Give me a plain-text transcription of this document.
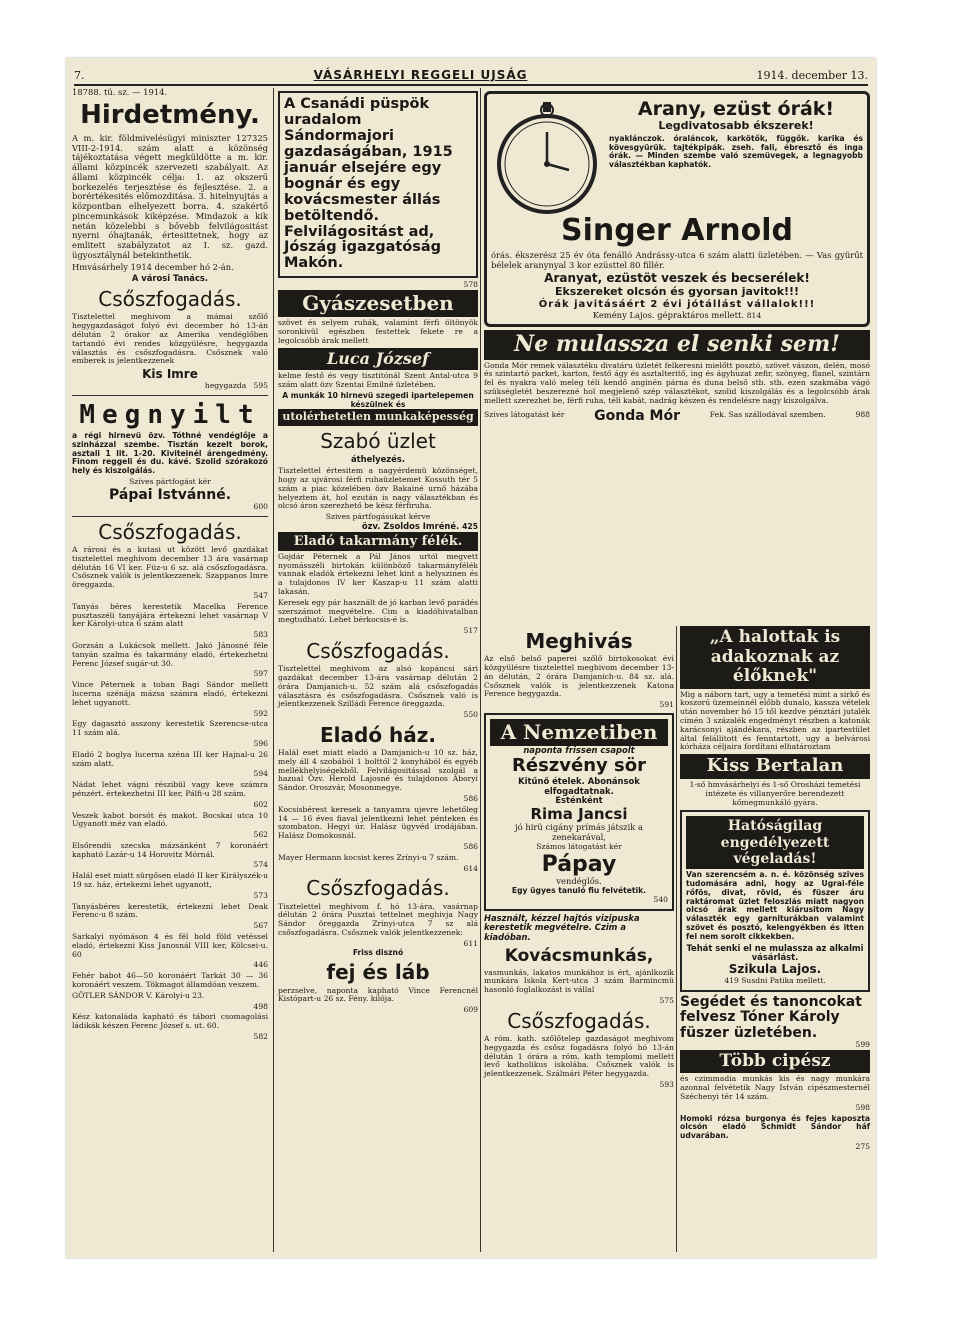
7.	VÁSÁRHELYI REGGELI UJSÁG	1914. december 13.
18788. tü. sz. — 1914.
Hirdetmény.

A m. kir. földmivelésügyi miniszter 127325 VIII-2-1914. szám alatt a közönség tájékoztatása végett megküldötte a m. kir. állami közpincék szervezeti szabályait. Az állami közpincék célja: 1. az okszerű borkezelés terjesztése és fejlesztése. 2. a borértékesités előmozditása. 3. hitelnyujtás a központban elhelyezett borra. 4. szakértő pincemunkások kiképzése. Mindazok a kik netán közelebbi s bővebb felvilágositást nyerni óhajtanák, értesittetnek, hogy az emlitett szabályzatot az I. sz. gazd. ügyosztálynál betekinthetik.

Hmvásárhely 1914 december hó 2-án.

A városi Tanács.
Csőszfogadás.

Tisztelettel meghivom a mámai szőlő hegygazdaságot folyó évi december hó 13-án délután 2 órakor az Amerika vendéglőben tartandó évi rendes közgyülésre, hegygazda választás és csőszfogadásra. Csősznek való emberek is jelentkezzenek

Kis Imre
hegygazda 595
Megnyilt

a régi hirnevü özv. Tóthné vendéglője a szinházzal szembe. Tisztán kezelt borok, asztali 1 lit. 1-20. Kiviteinél árengedmény. Finom reggeli és du. kávé. Szolid szórakozó hely és kiszolgálás.

Szíves pártfogást kér
Pápai Istvánné.
600
Csőszfogadás.

A rárosi és a kutasi ut között levő gazdákat tisztelettel meghivom december 13 ára vasárnap délután 16 VI ker. Füz-u 6 sz. alá csőszfogadásra. Csősznek valók is jelentkezzenek. Szappanos Imre öreggazda.

547

Tanyás béres kerestetik Macelka Ference pusztaszéli tanyájára értekezni lehet vasárnap V ker Károlyi-utca 6 szám alatt

583

Gorzsán a Lukácsok mellett. Jakó Jánosné féle tanyán szalma és takarmány eladó, értekezhetni Ferenc József sugár-ut 30.

597

Vince Péternek a toban Bagi Sándor mellett lucerna szénája mázsa számra eladó, értekezni lehet ugyanott.

592

Egy dagasztó asszony kerestetik Szerencse-utca 11 szám alá.

596

Eladó 2 boglya lucerna széna III ker Hajnal-u 26 szám alatt.

594

Nádat lehet vágni részibül vagy keve számra pénzért. értekezhetni III ker, Pálfi-u 28 szám.

602

Veszek kabot borsót és makot. Bocskai utca 10 Ugyanott méz van eladó.

562

Elsőrendü szecska mázsánként 7 koronáért kapható Lazár-u 14 Horovitz Mórnál.

574

Halál eset miatt sürgősen eladó II ker Királyszék-u 19 sz. ház, értekezni lehet ugyanott,

573

Tanyásbéres kerestetik, értekezni lehet Deak Ferenc-u 8 szám.

567

Sarkalyi nyómáson 4 és fél hold föld vetéssel eladó, értekezni Kiss Janosnál VIII ker, Kölcsei-u. 60

446

Fehér babot 46—50 koronáért Tarkát 30 — 36 koronáért veszem. Tökmagot államdóan veszem.

GÖTLER SÁNDOR V. Károlyi-u 23.

498

Kész katonaláda kapható és tábori csomagolási ládikák készen Ferenc József s. ut. 60.

582
A Csanádi püspök uradalom Sándormajori gazdaságában, 1915 január elsejére egy bognár és egy kovácsmester állás betöltendő. Felvilágositást ad, Jószág igazgatóság Makón.
578
Gyászesetben

szövet és selyem ruhák, valamint férfi öltönyök soronkivül egészben festettek fekete re a legolcsóbb árak mellett

Luca József

kelme festő és vegy tisztitónál Szent Antal-utca 9 szám alatt özv Szentai Emilné üzletében.

A munkák 10 hirnevü szegedi ipartelepemen készülnek és
utolérhetetlen munkaképesség
Szabó üzlet
áthelyezés.

Tisztelettel értesitem a nagyérdemü közönséget, hogy az ujvárosi férfi ruhaüzletemet Kossuth tér 5 szám a piac közelében özv Bakainé urnő házába helyeztem át, hol ezután is nagy választékban és olcsó áron szerezhető be kész férfiruha.

Szives pártfogásukat kérve
özv. Zsoldos Imréné. 425
Eladó takarmány félék.

Gojdár Péternek a Pál János urtól megvett nyomásszéli birtokán különböző takarmányfélék vannak eladók értekezni lehet kint a helyszinen és a tulajdonos IV ker Kaszap-u 11 szám alatti lakasán.

Keresek egy pár használt de jó karban levő parádés szerszámot megvételre. Cim a kiadóhivatalban megtudható. Lehet bérkocsis-é is.

517
Csőszfogadás.

Tisztelettel meghivom az alsó kopáncsi sári gazdákat december 13-ára vasárnap délután 2 órára Damjanich-u. 52 szám alá csőszfogadás választásra és csőszfogadásra. Csősznek való is jelentkezzenek Szilládi Ference öreggazda.

550
Eladó ház.

Halál eset miatt eladó a Damjanich-u 10 sz. ház, mely áll 4 szobából 1 bolttól 2 konyhából és egyéb mellékhelyiségekből. Felvilágositással szolgál a hazual Özv. Herold Lajosné és tulajdonos Aboryi Sándor. Oroszvár, Mosonmegye.

586

Kocsisbérest keresek a tanyamra ujevre lehetőleg 14 — 16 éves fiaval jelentkezni lehet pénteken és szombaton. Hegyi úr. Halász ügyvéd irodájában. Halász Domokosnál.

586

Mayer Hermann kocsist keres Zrínyi-u 7 szám.

614
Csőszfogadás.

Tisztelettel meghivom f. hó 13-ára, vasárnap délután 2 órára Pusztai tettelnet meghivja Nagy Sándor öreggazda Zrinyi-utca 7 sz alá csőszfogadásra. Csősznek valók jelentkezzenek:

611
Friss disznó
fej és láb

perzselve, naponta kapható Vince Ferencnél Kistópart-u 26 sz. Fény. kilója.

609
Arany, ezüst órák!
Legdivatosabb ékszerek!

nyaklánczok. óraláncok, karkötők, függők. karika és kövesgyürük. tajtékpipák. zseh. fali, ébresztő és inga órák. — Minden szembe való szemüvegek, a legnagyobb választékban kaphatók.

Singer Arnold

órás. ékszerész 25 év óta fenálló Andrássy-utca 6 szám alatti üzletében. — Vas gyürűt bélelek aranynyal 3 kor ezüsttel 80 fillér.

Aranyat, ezüstöt veszek és becserélek!
Ekszereket olcsón és gyorsan javitok!!!
Órák javitásáért 2 évi jótállást vállalok!!!
Kemény Lajos. gépraktáros mellett. 814
Ne mulassza el senki sem!

Gonda Mór remek választéku divatáru üzletét felkeresni mielőtt posztó, szövet vászon, delén, mosó és szintartó parket, karton, festő ágy és asztalteritő, ing és ágyhuzat zefir, szönyeg, flanel, szintárn fel és nyakra való meleg téli kendő anginén párna és duna belső stb. stb. ezen szakmába vágó szükségletét beszerezné hol megjelenő szép választékot, szolid kiszolgálás és a legolcsóbb árak mellett szerezhet be, férfi ruha, téli kabát, nadrág készen és rendelésre nagy kiszolgálva.

Szives látogatást kér Gonda Mór	Fek. Sas szállodával szemben.	988
Meghivás

Az első belső paperei szőlő birtokosokat évi közgyülésre tisztelettel meghivom december 13-án délután, 2 órára Damjanich-u. 84 sz. alá. Csősznek valók is jelentkezzenek Katona Ference hegygazda.

591
A Nemzetiben
naponta frissen csapolt
Részvény sör
Kitűnő ételek. Abonánsok elfogadtatnak.
Esténként
Rima Jancsi
jó hirü cigány prímás játszik a zenekarával,
Számos látogatást kér
Pápay
vendéglős.
Egy ügyes tanuló fiu felvétetik.
540
Használt, kézzel hajtós vizipuska kerestetik megvételre. Czim a kiadóban.
Kovácsmunkás,

vasmunkás, lakatos munkához is ért, ajánlkozik munkára Iskola Kert-utca 3 szám Barmincmü hasonló foglalkozást is vállal

575
Csőszfogadás.

A róm. kath. szőlőtelep gazdaságot meghivom hegygazda és csősz fogadásra folyó hó 13-án délután 1 órára a róm. kath templomi mellett levő katholikus iskolába. Csősznek valók is jelentkezzenek. Szálmári Péter hegygazda.

593
„A halottak is adakoznak az élőknek"

Mig a náborn tart, ugy a temetési mint a sirkő és koszorú üzemeinnél előbb dunalo, kassza vételek után november hó 15 től kezdve pénztári jutalék címén 3 százalék engedményt részben a katonák karácsonyi ajándékara, részben az ipartestület által felállitott és fenntartott, ugy a belvárosi kórháza céljaira fordítani elhatároztam

Kiss Bertalan

1-ső hmvásárhelyi és 1-ső Orosházi temetési intézete és villanyerőre berendezett kőmegmunkáló gyára.

Hatóságilag engedélyezett végeladás!

Van szerencsém a. n. é. közönség szives tudomására adni, hogy az Ugrai-féle rőfös, divat, rövid, és füszer áru raktáromat üzlet feloszlás miatt nagyon olcsó árak mellett kiárusitom Nagy választék egy garniturákban valamint szövet és posztó, kelengyékben és itten fel nem sorolt cikkekben.

Tehát senki el ne mulassza az alkalmi vásárlást.
Szikula Lajos.
419 Susdni Patika mellett.
Segédet és tanoncokat felvesz Tóner Károly füszer üzletében.
599
Több cipész

és czimmadia munkás kis és nagy munkára azonnal felvétetik Nagy István cipészmesternél Széchenyi tér 14 szám.

598

Homoki rózsa burgonya és fejes kaposzta olcsón eladó Schmidt Sándor háf udvarában.

275
